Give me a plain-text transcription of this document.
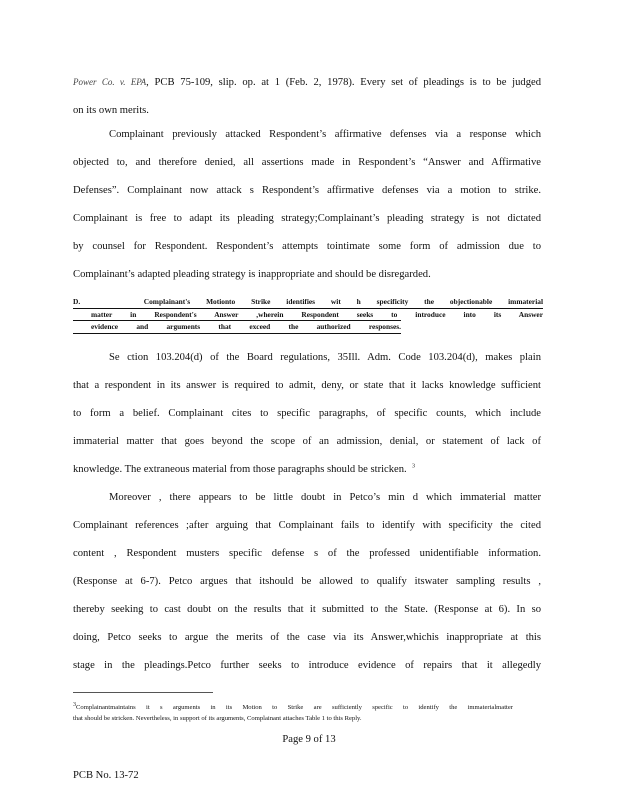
Power Co. v. EPA, PCB 75-109, slip. op. at 1 (Feb. 2, 1978). Every set of pleadings is to be judged
on its own merits.
Complainant previously attacked Respondent’s affirmative defenses via a response which
objected to, and therefore denied, all assertions made in Respondent’s “Answer and Affirmative
Defenses”. Complainant now attack s Respondent’s affirmative defenses via a motion to strike.
Complainant is free to adapt its pleading strategy;Complainant’s pleading strategy is not dictated
by counsel for Respondent. Respondent’s attempts tointimate some form of admission due to
Complainant’s adapted pleading strategy is inappropriate and should be disregarded.
D.	Complainant's Motionto Strike identifies wit h specificity the objectionable immaterial
matter in Respondent's Answer ,wherein Respondent seeks to introduce into its Answer
evidence and arguments that exceed the authorized responses.
Se ction 103.204(d) of the Board regulations, 35Ill. Adm. Code 103.204(d), makes plain
that a respondent in its answer is required to admit, deny, or state that it lacks knowledge sufficient
to form a belief. Complainant cites to specific paragraphs, of specific counts, which include
immaterial matter that goes beyond the scope of an admission, denial, or statement of lack of
knowledge. The extraneous material from those paragraphs should be stricken. $^3$
Moreover , there appears to be little doubt in Petco’s min d which immaterial matter
Complainant references ;after arguing that Complainant fails to identify with specificity the cited
content , Respondent musters specific defense s of the professed unidentifiable information.
(Response at 6-7). Petco argues that itshould be allowed to qualify itswater sampling results ,
thereby seeking to cast doubt on the results that it submitted to the State. (Response at 6). In so
doing, Petco seeks to argue the merits of the case via its Answer,whichis inappropriate at this
stage in the pleadings.Petco further seeks to introduce evidence of repairs that it allegedly
$^3$Complainantmaintains it s arguments in its Motion to Strike are sufficiently specific to identify the immaterialmatter
that should be stricken. Nevertheless, in support of its arguments, Complainant attaches Table 1 to this Reply.
Page 9 of 13
PCB No. 13-72
